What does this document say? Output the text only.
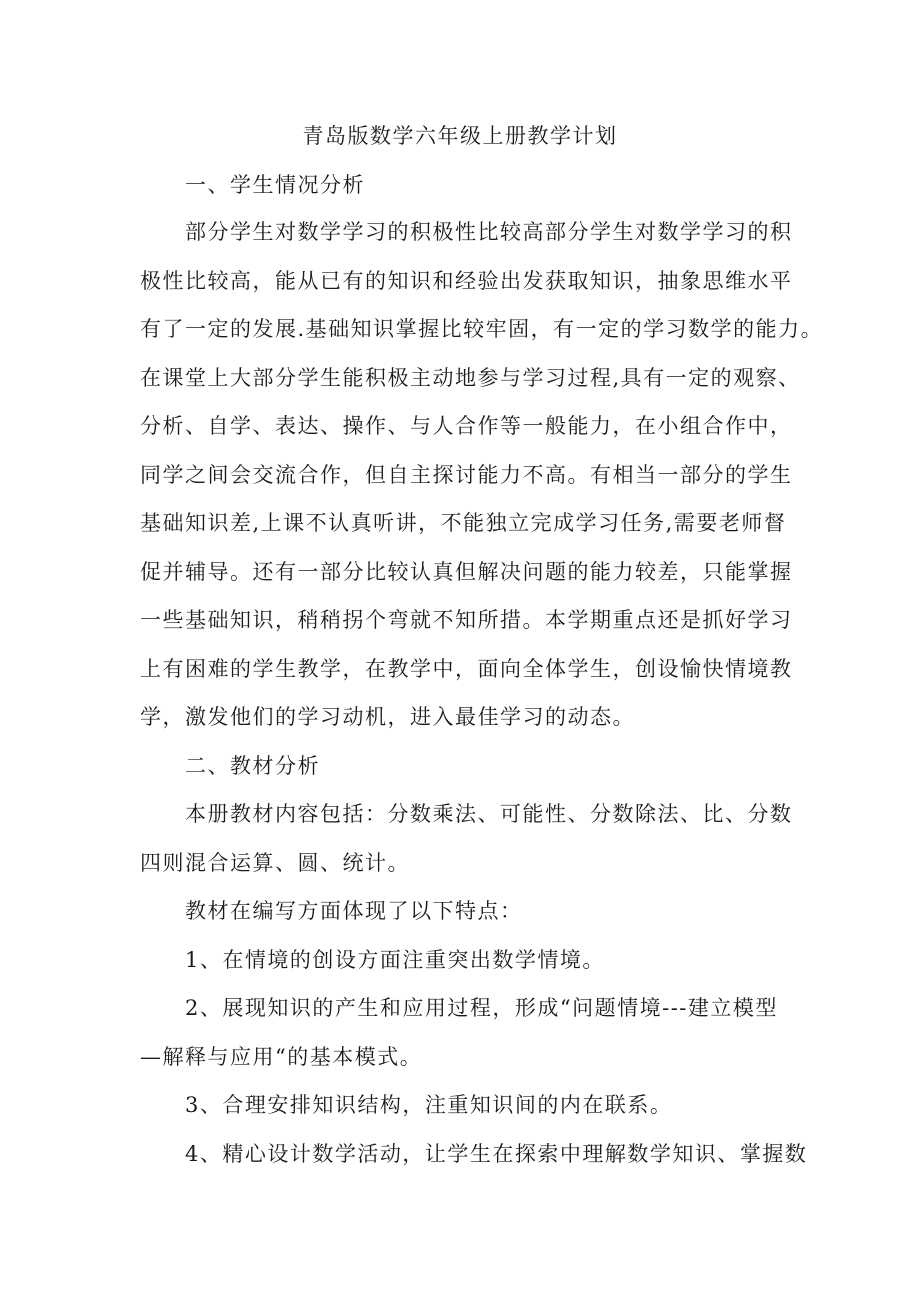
青岛版数学六年级上册教学计划
一、学生情况分析
部分学生对数学学习的积极性比较高部分学生对数学学习的积
极性比较高，能从已有的知识和经验出发获取知识，抽象思维水平
有了一定的发展.基础知识掌握比较牢固，有一定的学习数学的能力。
在课堂上大部分学生能积极主动地参与学习过程,具有一定的观察、
分析、自学、表达、操作、与人合作等一般能力，在小组合作中，
同学之间会交流合作，但自主探讨能力不高。有相当一部分的学生
基础知识差,上课不认真听讲，不能独立完成学习任务,需要老师督
促并辅导。还有一部分比较认真但解决问题的能力较差，只能掌握
一些基础知识，稍稍拐个弯就不知所措。本学期重点还是抓好学习
上有困难的学生教学，在教学中，面向全体学生，创设愉快情境教
学，激发他们的学习动机，进入最佳学习的动态。
二、教材分析
本册教材内容包括：分数乘法、可能性、分数除法、比、分数
四则混合运算、圆、统计。
教材在编写方面体现了以下特点：
1、在情境的创设方面注重突出数学情境。
2、展现知识的产生和应用过程，形成“问题情境---建立模型
—解释与应用“的基本模式。
3、合理安排知识结构，注重知识间的内在联系。
4、精心设计数学活动，让学生在探索中理解数学知识、掌握数
